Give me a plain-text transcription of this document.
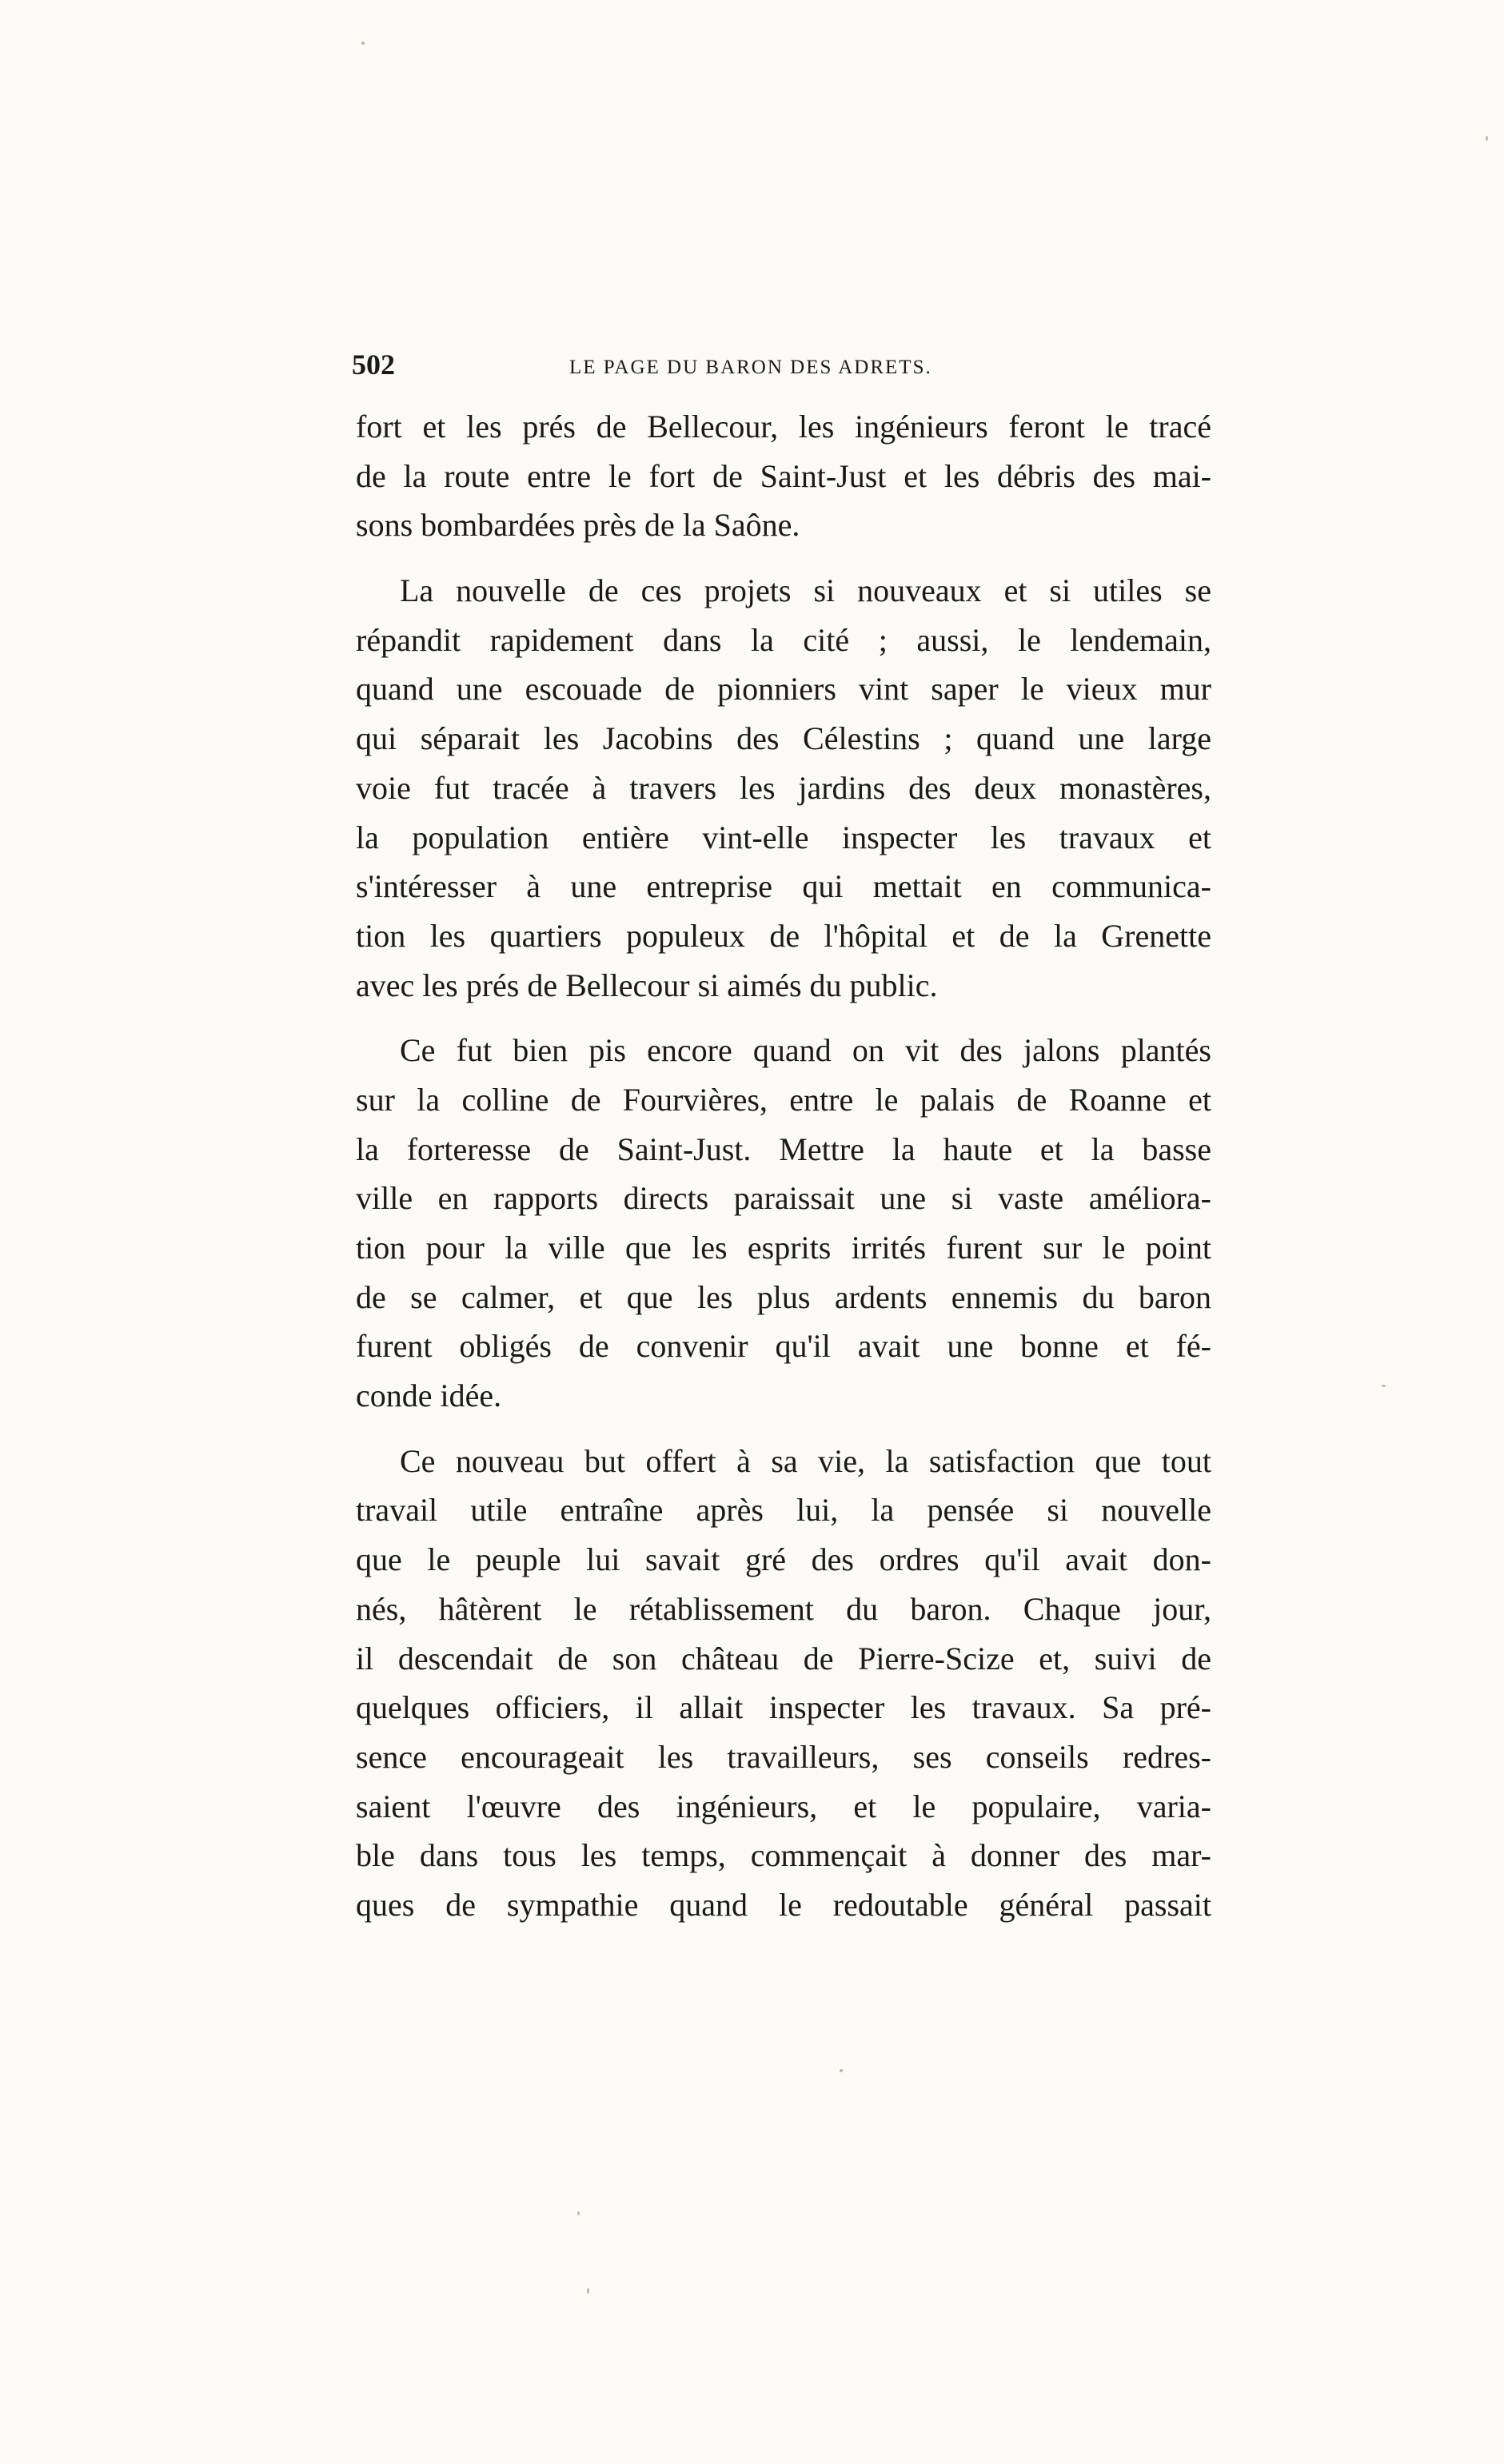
502	LE PAGE DU BARON DES ADRETS.
fort et les prés de Bellecour, les ingénieurs feront le tracé
de la route entre le fort de Saint-Just et les débris des mai-
sons bombardées près de la Saône.
La nouvelle de ces projets si nouveaux et si utiles se
répandit rapidement dans la cité ; aussi, le lendemain,
quand une escouade de pionniers vint saper le vieux mur
qui séparait les Jacobins des Célestins ; quand une large
voie fut tracée à travers les jardins des deux monastères,
la population entière vint-elle inspecter les travaux et
s'intéresser à une entreprise qui mettait en communica-
tion les quartiers populeux de l'hôpital et de la Grenette
avec les prés de Bellecour si aimés du public.
Ce fut bien pis encore quand on vit des jalons plantés
sur la colline de Fourvières, entre le palais de Roanne et
la forteresse de Saint-Just. Mettre la haute et la basse
ville en rapports directs paraissait une si vaste améliora-
tion pour la ville que les esprits irrités furent sur le point
de se calmer, et que les plus ardents ennemis du baron
furent obligés de convenir qu'il avait une bonne et fé-
conde idée.
Ce nouveau but offert à sa vie, la satisfaction que tout
travail utile entraîne après lui, la pensée si nouvelle
que le peuple lui savait gré des ordres qu'il avait don-
nés, hâtèrent le rétablissement du baron. Chaque jour,
il descendait de son château de Pierre-Scize et, suivi de
quelques officiers, il allait inspecter les travaux. Sa pré-
sence encourageait les travailleurs, ses conseils redres-
saient l'œuvre des ingénieurs, et le populaire, varia-
ble dans tous les temps, commençait à donner des mar-
ques de sympathie quand le redoutable général passait
